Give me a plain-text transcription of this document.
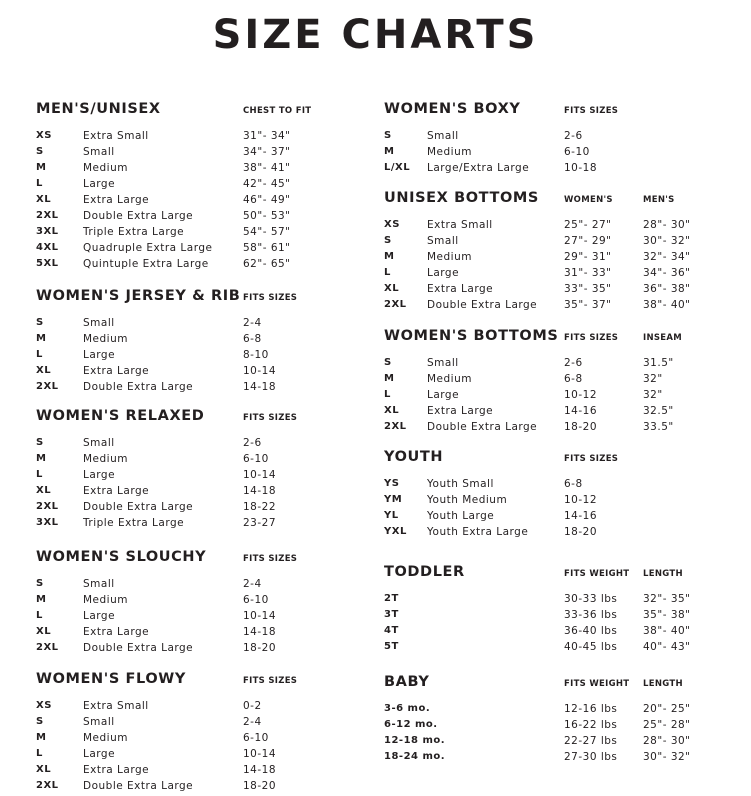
SIZE CHARTS
MEN'S/UNISEX	CHEST TO FIT
XS	Extra Small	31"- 34"
S	Small	34"- 37"
M	Medium	38"- 41"
L	Large	42"- 45"
XL	Extra Large	46"- 49"
2XL Double Extra Large	50"- 53"
3XL Triple Extra Large	54"- 57"
4XL Quadruple Extra Large	58"- 61"
5XL Quintuple Extra Large	62"- 65"
WOMEN'S JERSEY & RIB FITS SIZES
S	Small	2-4
M	Medium	6-8
L	Large	8-10
XL	Extra Large	10-14
2XL Double Extra Large	14-18
WOMEN'S RELAXED	FITS SIZES
S	Small	2-6
M	Medium	6-10
L	Large	10-14
XL	Extra Large	14-18
2XL Double Extra Large	18-22
3XL Triple Extra Large	23-27
WOMEN'S SLOUCHY	FITS SIZES
S	Small	2-4
M	Medium	6-10
L	Large	10-14
XL	Extra Large	14-18
2XL Double Extra Large	18-20
WOMEN'S FLOWY	FITS SIZES
XS	Extra Small	0-2
S	Small	2-4
M	Medium	6-10
L	Large	10-14
XL	Extra Large	14-18
2XL Double Extra Large	18-20
WOMEN'S BOXY	FITS SIZES
S	Small	2-6
M	Medium	6-10
L/XL Large/Extra Large	10-18
UNISEX BOTTOMS	WOMEN'S	MEN'S
XS	Extra Small	25"- 27"	28"- 30"
S	Small	27"- 29"	30"- 32"
M	Medium	29"- 31"	32"- 34"
L	Large	31"- 33"	34"- 36"
XL	Extra Large	33"- 35"	36"- 38"
2XL Double Extra Large	35"- 37"	38"- 40"
WOMEN'S BOTTOMS FITS SIZES	INSEAM
S	Small	2-6	31.5"
M	Medium	6-8	32"
L	Large	10-12	32"
XL	Extra Large	14-16	32.5"
2XL Double Extra Large	18-20	33.5"
YOUTH	FITS SIZES
YS	Youth Small	6-8
YM Youth Medium	10-12
YL	Youth Large	14-16
YXL Youth Extra Large	18-20
TODDLER	FITS WEIGHT LENGTH
2T	30-33 lbs 32"- 35"
3T	33-36 lbs 35"- 38"
4T	36-40 lbs 38"- 40"
5T	40-45 lbs 40"- 43"
BABY	FITS WEIGHT LENGTH
3-6 mo.	12-16 lbs 20"- 25"
6-12 mo.	16-22 lbs 25"- 28"
12-18 mo.	22-27 lbs 28"- 30"
18-24 mo.	27-30 lbs 30"- 32"
